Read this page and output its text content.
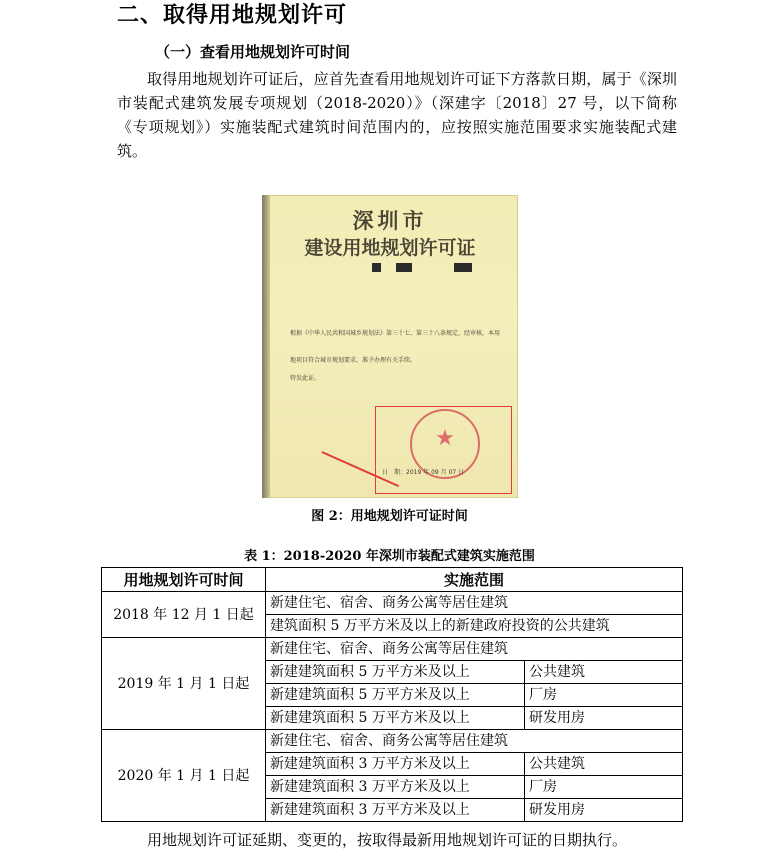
二、取得用地规划许可
（一）查看用地规划许可时间

取得用地规划许可证后，应首先查看用地规划许可证下方落款日期，属于《深圳市装配式建筑发展专项规划（2018-2020）》（深建字〔2018〕27 号，以下简称《专项规划》）实施装配式建筑时间范围内的，应按照实施范围要求实施装配式建筑。

深圳市
建设用地规划许可证
根据《中华人民共和国城乡规划法》第三十七、第三十八条规定，经审核，本用地项目符合城市规划要求，准予办理有关手续。
特发此证。
★
日　期：2019 年 09 月 07 日
图 2：用地规划许可证时间
表 1：2018-2020 年深圳市装配式建筑实施范围
用地规划许可时间	实施范围	
2018 年 12 月 1 日起	新建住宅、宿舍、商务公寓等居住建筑	
	建筑面积 5 万平方米及以上的新建政府投资的公共建筑	
2019 年 1 月 1 日起	新建住宅、宿舍、商务公寓等居住建筑	
	新建建筑面积 5 万平方米及以上	公共建筑
	新建建筑面积 5 万平方米及以上	厂房
	新建建筑面积 5 万平方米及以上	研发用房
2020 年 1 月 1 日起	新建住宅、宿舍、商务公寓等居住建筑	
	新建建筑面积 3 万平方米及以上	公共建筑
	新建建筑面积 3 万平方米及以上	厂房
	新建建筑面积 3 万平方米及以上	研发用房

用地规划许可证延期、变更的，按取得最新用地规划许可证的日期执行。
